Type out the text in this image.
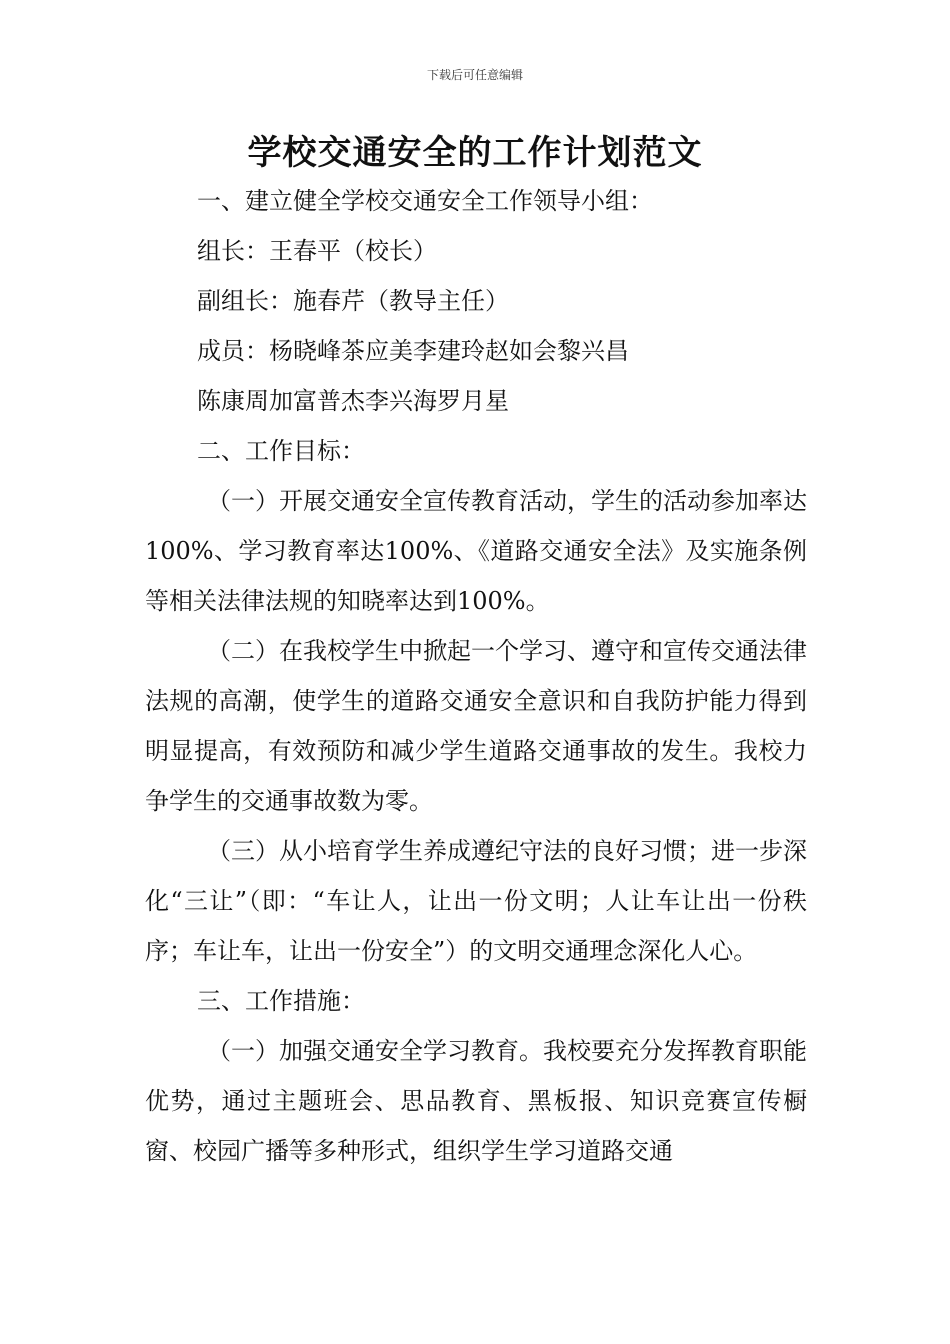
下载后可任意编辑
学校交通安全的工作计划范文
一、建立健全学校交通安全工作领导小组：
组长：王春平（校长）
副组长：施春芹（教导主任）
成员：杨晓峰茶应美李建玲赵如会黎兴昌
陈康周加富普杰李兴海罗月星
二、工作目标：

（一）开展交通安全宣传教育活动，学生的活动参加率达100%、学习教育率达100%、《道路交通安全法》及实施条例等相关法律法规的知晓率达到100%。

（二）在我校学生中掀起一个学习、遵守和宣传交通法律法规的高潮，使学生的道路交通安全意识和自我防护能力得到明显提高，有效预防和减少学生道路交通事故的发生。我校力争学生的交通事故数为零。

（三）从小培育学生养成遵纪守法的良好习惯；进一步深化“三让”（即：“车让人，让出一份文明；人让车让出一份秩序；车让车，让出一份安全”）的文明交通理念深化人心。

三、工作措施：

（一）加强交通安全学习教育。我校要充分发挥教育职能优势，通过主题班会、思品教育、黑板报、知识竞赛宣传橱窗、校园广播等多种形式，组织学生学习道路交通
